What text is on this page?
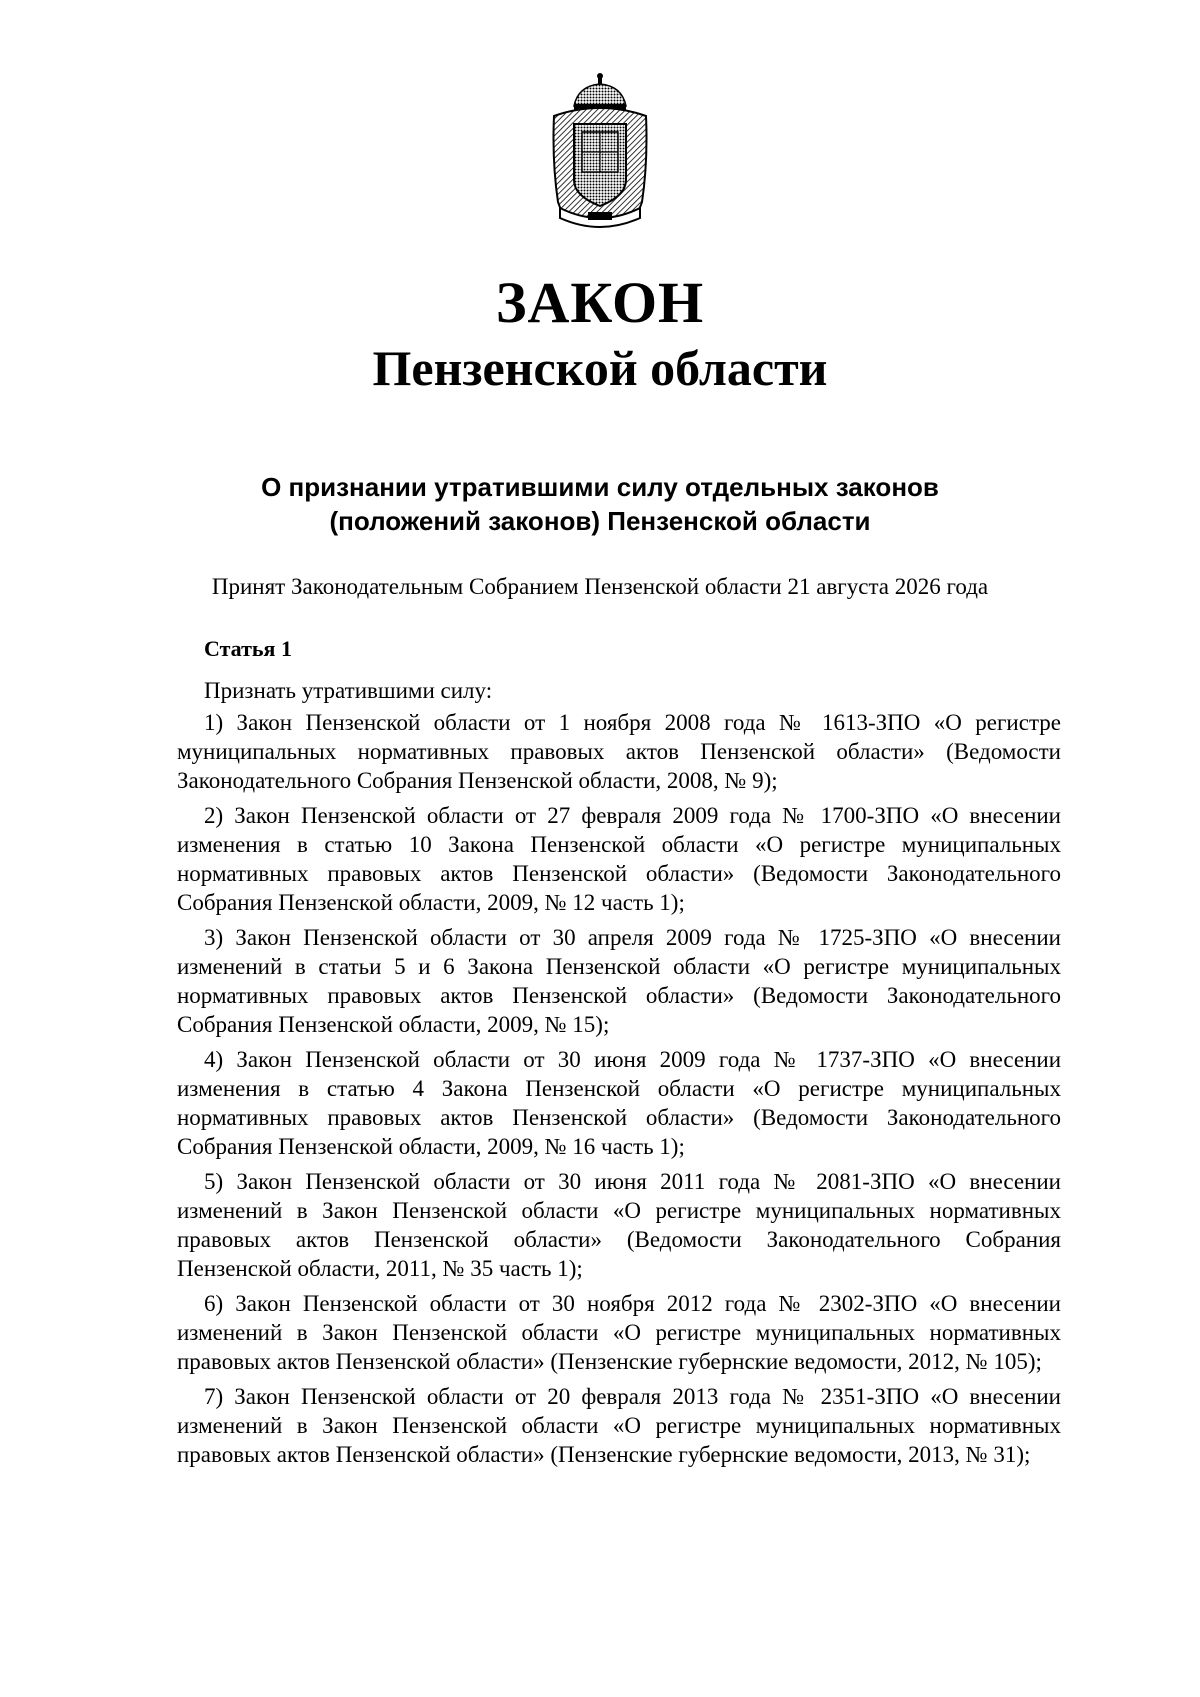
ЗАКОН
Пензенской области
О признании утратившими силу отдельных законов
(положений законов) Пензенской области
Принят Законодательным Собранием Пензенской области 21 августа 2026 года
Статья 1

Признать утратившими силу:

1) Закон Пензенской области от 1 ноября 2008 года № 1613-ЗПО «О регистре муниципальных нормативных правовых актов Пензенской области» (Ведомости Законодательного Собрания Пензенской области, 2008, № 9);

2) Закон Пензенской области от 27 февраля 2009 года № 1700-ЗПО «О внесении изменения в статью 10 Закона Пензенской области «О регистре муниципальных нормативных правовых актов Пензенской области» (Ведомости Законодательного Собрания Пензенской области, 2009, № 12 часть 1);

3) Закон Пензенской области от 30 апреля 2009 года № 1725-ЗПО «О внесении изменений в статьи 5 и 6 Закона Пензенской области «О регистре муниципальных нормативных правовых актов Пензенской области» (Ведомости Законодательного Собрания Пензенской области, 2009, № 15);

4) Закон Пензенской области от 30 июня 2009 года № 1737-ЗПО «О внесении изменения в статью 4 Закона Пензенской области «О регистре муниципальных нормативных правовых актов Пензенской области» (Ведомости Законодательного Собрания Пензенской области, 2009, № 16 часть 1);

5) Закон Пензенской области от 30 июня 2011 года № 2081-ЗПО «О внесении изменений в Закон Пензенской области «О регистре муниципальных нормативных правовых актов Пензенской области» (Ведомости Законодательного Собрания Пензенской области, 2011, № 35 часть 1);

6) Закон Пензенской области от 30 ноября 2012 года № 2302-ЗПО «О внесении изменений в Закон Пензенской области «О регистре муниципальных нормативных правовых актов Пензенской области» (Пензенские губернские ведомости, 2012, № 105);

7) Закон Пензенской области от 20 февраля 2013 года № 2351-ЗПО «О внесении изменений в Закон Пензенской области «О регистре муниципальных нормативных правовых актов Пензенской области» (Пензенские губернские ведомости, 2013, № 31);
